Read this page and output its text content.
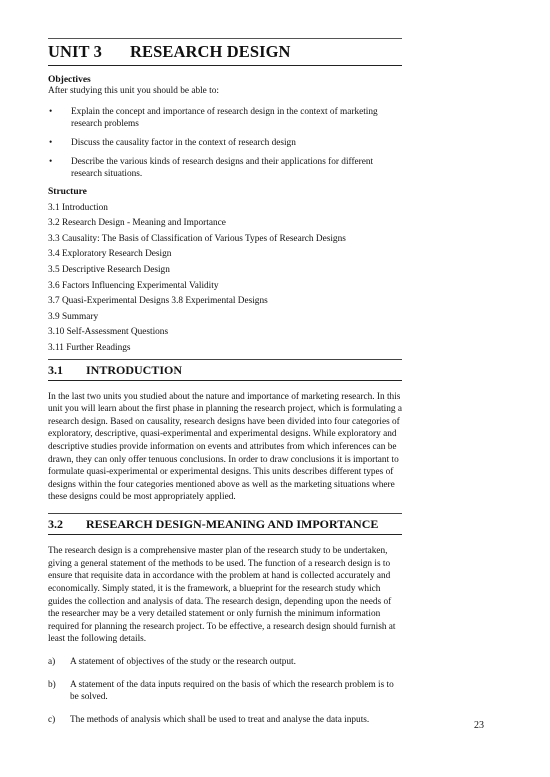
UNIT 3 RESEARCH DESIGN
Objectives

After studying this unit you should be able to:

•	Explain the concept and importance of research design in the context of marketing research problems
•	Discuss the causality factor in the context of research design
•	Describe the various kinds of research designs and their applications for different research situations.
Structure
3.1 Introduction
3.2 Research Design - Meaning and Importance
3.3 Causality: The Basis of Classification of Various Types of Research Designs
3.4 Exploratory Research Design
3.5 Descriptive Research Design
3.6 Factors Influencing Experimental Validity
3.7 Quasi-Experimental Designs 3.8 Experimental Designs
3.9 Summary
3.10 Self-Assessment Questions
3.11 Further Readings
3.1 INTRODUCTION

In the last two units you studied about the nature and importance of marketing research. In this unit you will learn about the first phase in planning the research project, which is formulating a research design. Based on causality, research designs have been divided into four categories of exploratory, descriptive, quasi-experimental and experimental designs. While exploratory and descriptive studies provide information on events and attributes from which inferences can be drawn, they can only offer tenuous conclusions. In order to draw conclusions it is important to formulate quasi-experimental or experimental designs. This units describes different types of designs within the four categories mentioned above as well as the marketing situations where these designs could be most appropriately applied.

3.2 RESEARCH DESIGN-MEANING AND IMPORTANCE

The research design is a comprehensive master plan of the research study to be undertaken, giving a general statement of the methods to be used. The function of a research design is to ensure that requisite data in accordance with the problem at hand is collected accurately and economically. Simply stated, it is the framework, a blueprint for the research study which guides the collection and analysis of data. The research design, depending upon the needs of the researcher may be a very detailed statement or only furnish the minimum information required for planning the research project. To be effective, a research design should furnish at least the following details.

a)	A statement of objectives of the study or the research output.
b)	A statement of the data inputs required on the basis of which the research problem is to be solved.
c)	The methods of analysis which shall be used to treat and analyse the data inputs.
23
